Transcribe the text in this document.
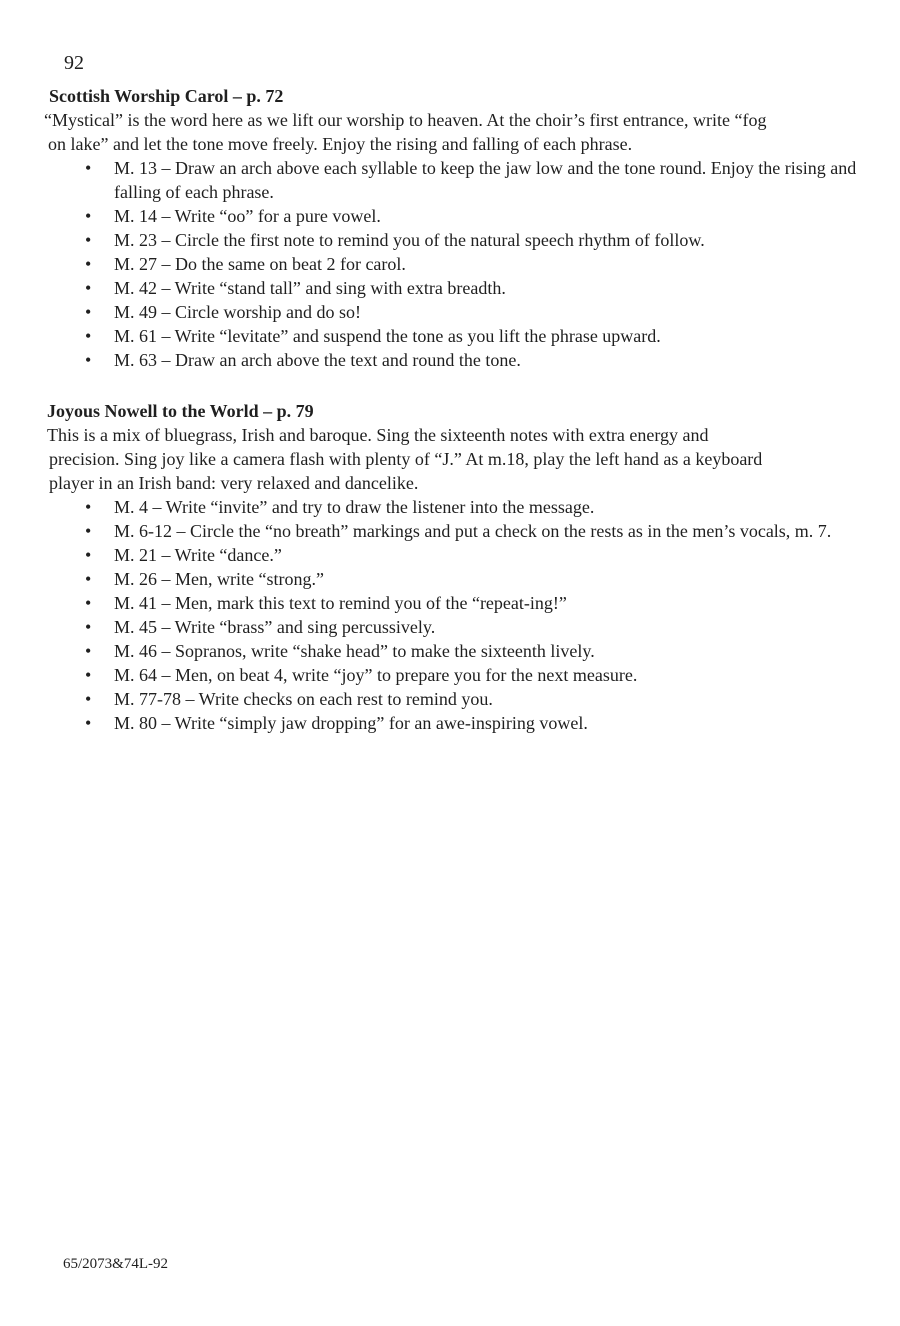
92
Scottish Worship Carol – p. 72
“Mystical” is the word here as we lift our worship to heaven. At the choir’s first entrance, write “fog
on lake” and let the tone move freely. Enjoy the rising and falling of each phrase.
• M. 13 – Draw an arch above each syllable to keep the jaw low and the tone round. Enjoy the rising and falling of each phrase.
• M. 14 – Write “oo” for a pure vowel.
• M. 23 – Circle the first note to remind you of the natural speech rhythm of follow.
• M. 27 – Do the same on beat 2 for carol.
• M. 42 – Write “stand tall” and sing with extra breadth.
• M. 49 – Circle worship and do so!
• M. 61 – Write “levitate” and suspend the tone as you lift the phrase upward.
• M. 63 – Draw an arch above the text and round the tone.
Joyous Nowell to the World – p. 79
This is a mix of bluegrass, Irish and baroque. Sing the sixteenth notes with extra energy and
precision. Sing joy like a camera flash with plenty of “J.” At m.18, play the left hand as a keyboard
player in an Irish band: very relaxed and dancelike.
• M. 4 – Write “invite” and try to draw the listener into the message.
• M. 6-12 – Circle the “no breath” markings and put a check on the rests as in the men’s vocals, m. 7.
• M. 21 – Write “dance.”
• M. 26 – Men, write “strong.”
• M. 41 – Men, mark this text to remind you of the “repeat-ing!”
• M. 45 – Write “brass” and sing percussively.
• M. 46 – Sopranos, write “shake head” to make the sixteenth lively.
• M. 64 – Men, on beat 4, write “joy” to prepare you for the next measure.
• M. 77-78 – Write checks on each rest to remind you.
• M. 80 – Write “simply jaw dropping” for an awe-inspiring vowel.
65/2073&74L-92
